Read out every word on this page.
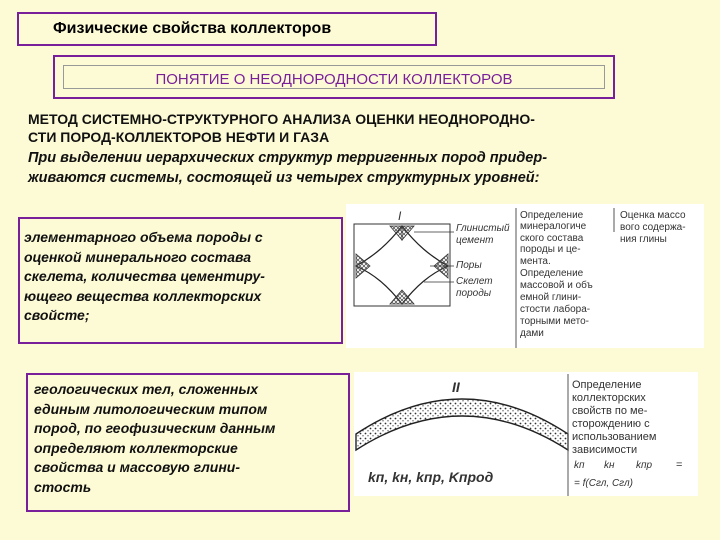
Физические свойства коллекторов
ПОНЯТИЕ О НЕОДНОРОДНОСТИ КОЛЛЕКТОРОВ
МЕТОД СИСТЕМНО-СТРУКТУРНОГО АНАЛИЗА ОЦЕНКИ НЕОДНОРОДНО-
СТИ ПОРОД-КОЛЛЕКТОРОВ НЕФТИ И ГАЗА
При выделении иерархических структур терригенных пород придер-
живаются системы, состоящей из четырех структурных уровней:
элементарного объема породы с
оценкой минерального состава
скелета, количества цементиру-
ющего вещества коллекторских
свойсте;
I
Глинистый
цемент
Поры
Скелет
породы
Определение
минералогиче
ского состава
породы и це-
мента.
Определение
массовой и объ
емной глини-
стости лабора-
торными мето-
дами
Оценка массо
вого содержа-
ния глины
геологических тел, сложенных
единым литологическим типом
пород, по геофизическим данным
определяют коллекторские
свойства и массовую глини-
стость
II
kп, kн, kпр, Kпрод
Определение
коллекторских
свойств по ме-
сторождению с
использованием
зависимости
kп kн kпр =
= f(Cгл, Cгл)
